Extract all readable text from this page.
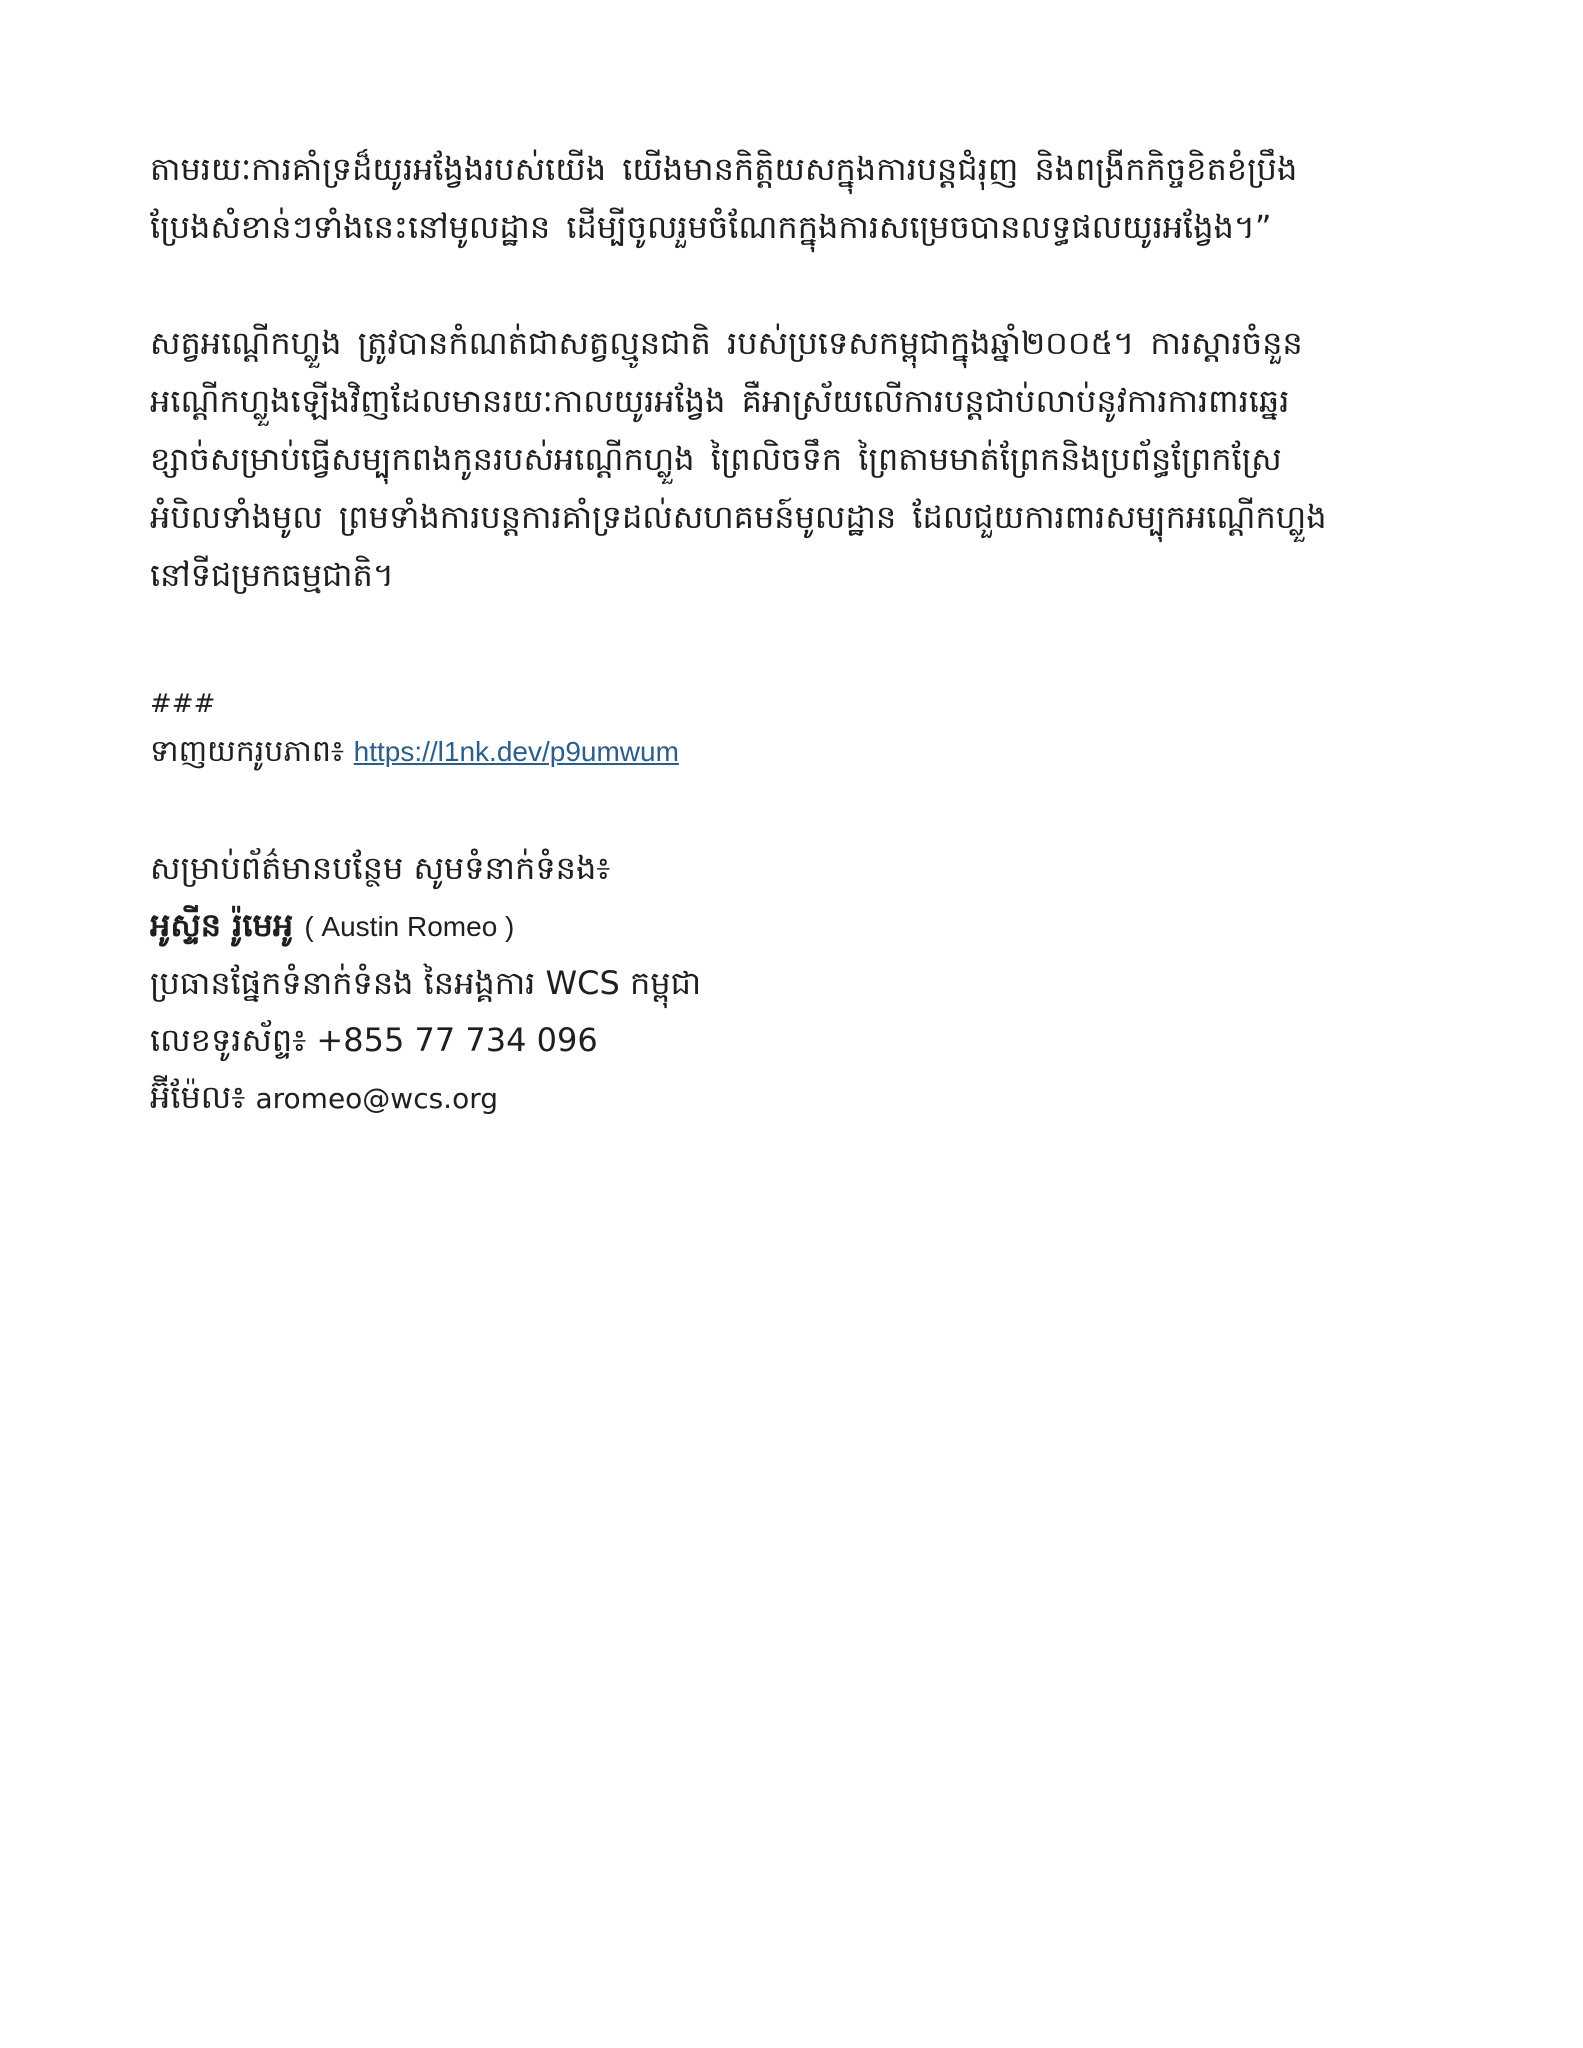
តាមរយៈការគាំទ្រដ៏យូរអង្វែងរបស់យើង យើងមានកិត្តិយសក្នុងការបន្តជំរុញ និងពង្រីកកិច្ចខិតខំប្រឹង
ប្រែងសំខាន់ៗទាំងនេះនៅមូលដ្ឋាន ដើម្បីចូលរួមចំណែកក្នុងការសម្រេចបានលទ្ធផលយូរអង្វែង។”

សត្វអណ្តើកហ្លួង ត្រូវបានកំណត់ជាសត្វល្មូនជាតិ របស់ប្រទេសកម្ពុជាក្នុងឆ្នាំ២០០៥។ ការស្តារចំនួន
អណ្តើកហ្លួងឡើងវិញដែលមានរយៈកាលយូរអង្វែង គឺអាស្រ័យលើការបន្តជាប់លាប់នូវការការពារឆ្នេរ
ខ្សាច់សម្រាប់ធ្វើសម្បុកពងកូនរបស់អណ្តើកហ្លួង ព្រៃលិចទឹក ព្រៃតាមមាត់ព្រែកនិងប្រព័ន្ធព្រែកស្រែ
អំបិលទាំងមូល ព្រមទាំងការបន្តការគាំទ្រដល់សហគមន៍មូលដ្ឋាន ដែលជួយការពារសម្បុកអណ្តើកហ្លួង
នៅទីជម្រកធម្មជាតិ។

###
ទាញយករូបភាព៖ https://l1nk.dev/p9umwum
សម្រាប់ព័ត៌មានបន្ថែម សូមទំនាក់ទំនង៖
អូស្ទីន រ៉ូមេអូ ( Austin Romeo )
ប្រធានផ្នែកទំនាក់ទំនង នៃអង្គការ WCS កម្ពុជា
លេខទូរស័ព្ទ៖ +855 77 734 096
អ៊ីម៉ែល៖ aromeo@wcs.org
